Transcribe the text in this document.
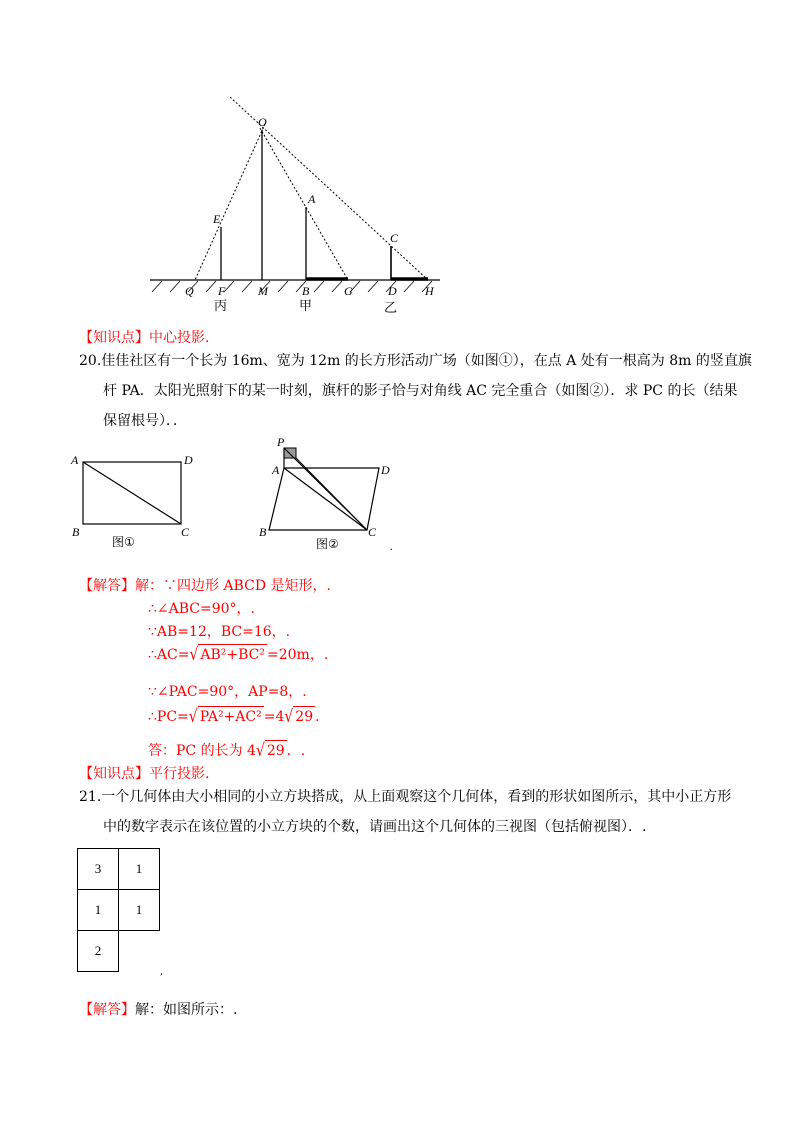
O
E
A
C
Q F	M	B	G	D H
丙	甲	乙
【知识点】中心投影.
20.佳佳社区有一个长为 16m、宽为 12m 的长方形活动广场（如图①），在点 A 处有一根高为 8m 的竖直旗
杆 PA．太阳光照射下的某一时刻，旗杆的影子恰与对角线 AC 完全重合（如图②）．求 PC 的长（结果
保留根号）．．
A	D
B	C
图①
P
A	D
B	C
图②	.
【解答】解：∵四边形 ABCD 是矩形，.
∴∠ABC=90°，.
∵AB=12，BC=16，.
∴AC=√ AB²+BC² =20m，.
∵∠PAC=90°，AP=8，.
∴PC=√ PA²+AC² =4√ 29 .
答：PC 的长为 4√ 29 ．.
【知识点】平行投影.
21.一个几何体由大小相同的小立方块搭成，从上面观察这个几何体，看到的形状如图所示，其中小正方形
中的数字表示在该位置的小立方块的个数，请画出这个几何体的三视图（包括俯视图）．.
3	1
1	1
2
,
【解答】解：如图所示：.
